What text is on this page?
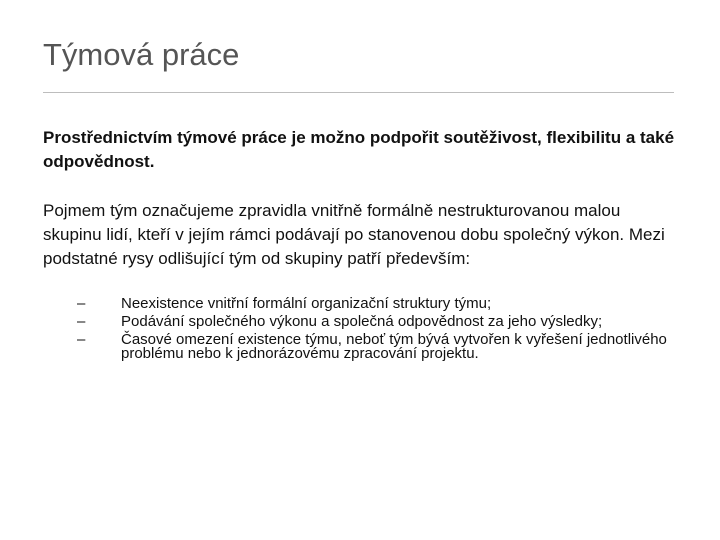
Týmová práce

Prostřednictvím týmové práce je možno podpořit soutěživost, flexibilitu a také odpovědnost.

Pojmem tým označujeme zpravidla vnitřně formálně nestrukturovanou malou skupinu lidí, kteří v jejím rámci podávají po stanovenou dobu společný výkon. Mezi podstatné rysy odlišující tým od skupiny patří především:

–	Neexistence vnitřní formální organizační struktury týmu;
–	Podávání společného výkonu a společná odpovědnost za jeho výsledky;
–	Časové omezení existence týmu, neboť tým bývá vytvořen k vyřešení jednotlivého problému nebo k jednorázovému zpracování projektu.
